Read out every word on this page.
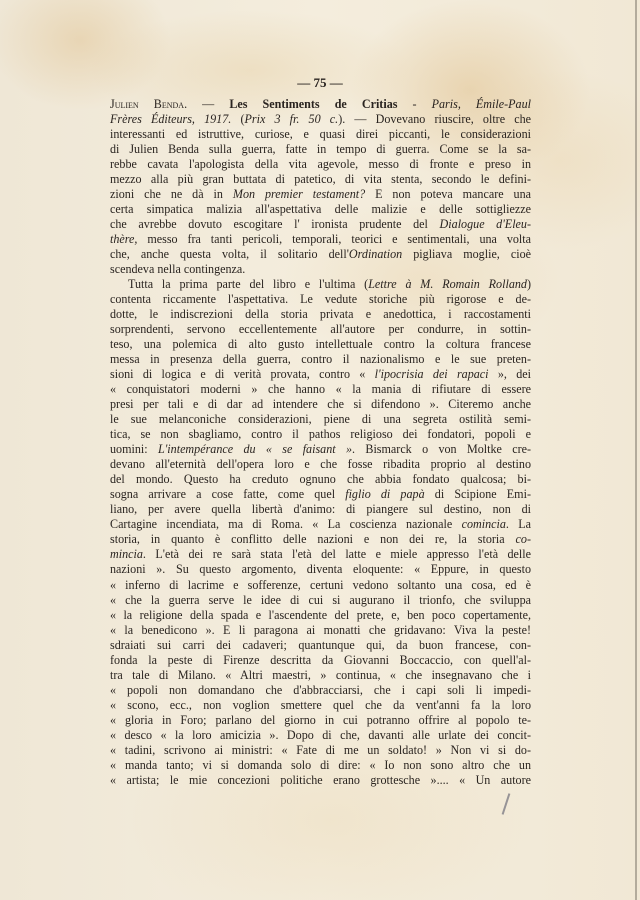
— 75 —
Julien Benda. — Les Sentiments de Critias - Paris, Émile-Paul
Frères Éditeurs, 1917. (Prix 3 fr. 50 c.). — Dovevano riuscire, oltre che
interessanti ed istruttive, curiose, e quasi direi piccanti, le considerazioni
di Julien Benda sulla guerra, fatte in tempo di guerra. Come se la sa-
rebbe cavata l'apologista della vita agevole, messo di fronte e preso in
mezzo alla più gran buttata di patetico, di vita stenta, secondo le defini-
zioni che ne dà in Mon premier testament? E non poteva mancare una
certa simpatica malizia all'aspettativa delle malizie e delle sottigliezze
che avrebbe dovuto escogitare l' ironista prudente del Dialogue d'Eleu-
thère, messo fra tanti pericoli, temporali, teorici e sentimentali, una volta
che, anche questa volta, il solitario dell'Ordination pigliava moglie, cioè
scendeva nella contingenza.
Tutta la prima parte del libro e l'ultima (Lettre à M. Romain Rolland)
contenta riccamente l'aspettativa. Le vedute storiche più rigorose e de-
dotte, le indiscrezioni della storia privata e anedottica, i raccostamenti
sorprendenti, servono eccellentemente all'autore per condurre, in sottin-
teso, una polemica di alto gusto intellettuale contro la coltura francese
messa in presenza della guerra, contro il nazionalismo e le sue preten-
sioni di logica e di verità provata, contro « l'ipocrisia dei rapaci », dei
« conquistatori moderni » che hanno « la mania di rifiutare di essere
presi per tali e di dar ad intendere che si difendono ». Citeremo anche
le sue melanconiche considerazioni, piene di una segreta ostilità semi-
tica, se non sbagliamo, contro il pathos religioso dei fondatori, popoli e
uomini: L'intempérance du « se faisant ». Bismarck o von Moltke cre-
devano all'eternità dell'opera loro e che fosse ribadita proprio al destino
del mondo. Questo ha creduto ognuno che abbia fondato qualcosa; bi-
sogna arrivare a cose fatte, come quel figlio di papà di Scipione Emi-
liano, per avere quella libertà d'animo: di piangere sul destino, non di
Cartagine incendiata, ma di Roma. « La coscienza nazionale comincia. La
storia, in quanto è conflitto delle nazioni e non dei re, la storia co-
mincia. L'età dei re sarà stata l'età del latte e miele appresso l'età delle
nazioni ». Su questo argomento, diventa eloquente: « Eppure, in questo
« inferno di lacrime e sofferenze, certuni vedono soltanto una cosa, ed è
« che la guerra serve le idee di cui si augurano il trionfo, che sviluppa
« la religione della spada e l'ascendente del prete, e, ben poco copertamente,
« la benedicono ». E li paragona ai monatti che gridavano: Viva la peste!
sdraiati sui carri dei cadaveri; quantunque qui, da buon francese, con-
fonda la peste di Firenze descritta da Giovanni Boccaccio, con quell'al-
tra tale di Milano. « Altri maestri, » continua, « che insegnavano che i
« popoli non domandano che d'abbracciarsi, che i capi soli li impedi-
« scono, ecc., non voglion smettere quel che da vent'anni fa la loro
« gloria in Foro; parlano del giorno in cui potranno offrire al popolo te-
« desco « la loro amicizia ». Dopo di che, davanti alle urlate dei concit-
« tadini, scrivono ai ministri: « Fate di me un soldato! » Non vi si do-
« manda tanto; vi si domanda solo di dire: « Io non sono altro che un
« artista; le mie concezioni politiche erano grottesche ».... « Un autore
